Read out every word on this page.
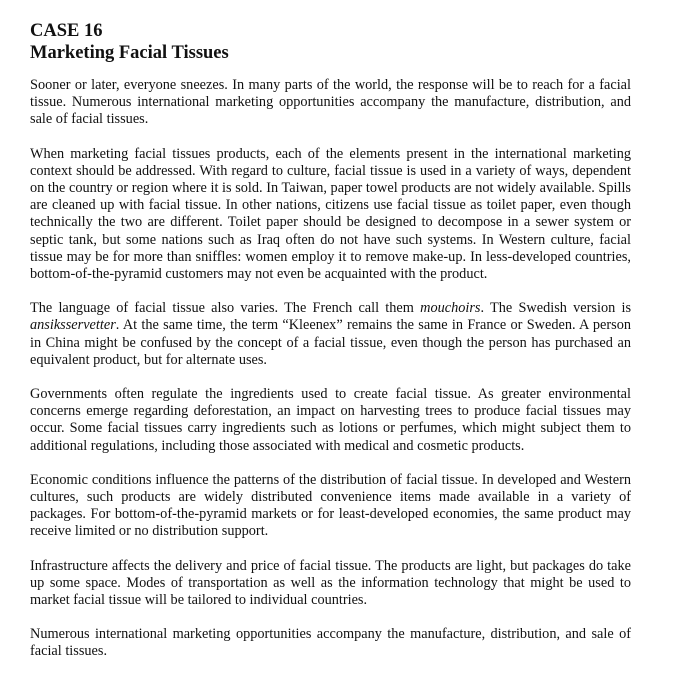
CASE 16
Marketing Facial Tissues

Sooner or later, everyone sneezes. In many parts of the world, the response will be to reach for a facial tissue. Numerous international marketing opportunities accompany the manufacture, distribution, and sale of facial tissues.

When marketing facial tissues products, each of the elements present in the international marketing context should be addressed. With regard to culture, facial tissue is used in a variety of ways, dependent on the country or region where it is sold. In Taiwan, paper towel products are not widely available. Spills are cleaned up with facial tissue. In other nations, citizens use facial tissue as toilet paper, even though technically the two are different. Toilet paper should be designed to decompose in a sewer system or septic tank, but some nations such as Iraq often do not have such systems. In Western culture, facial tissue may be for more than sniffles: women employ it to remove make-up. In less-developed countries, bottom-of-the-pyramid customers may not even be acquainted with the product.

The language of facial tissue also varies. The French call them mouchoirs. The Swedish version is ansiksservetter. At the same time, the term “Kleenex” remains the same in France or Sweden. A person in China might be confused by the concept of a facial tissue, even though the person has purchased an equivalent product, but for alternate uses.

Governments often regulate the ingredients used to create facial tissue. As greater environmental concerns emerge regarding deforestation, an impact on harvesting trees to produce facial tissues may occur. Some facial tissues carry ingredients such as lotions or perfumes, which might subject them to additional regulations, including those associated with medical and cosmetic products.

Economic conditions influence the patterns of the distribution of facial tissue. In developed and Western cultures, such products are widely distributed convenience items made available in a variety of packages. For bottom-of-the-pyramid markets or for least-developed economies, the same product may receive limited or no distribution support.

Infrastructure affects the delivery and price of facial tissue. The products are light, but packages do take up some space. Modes of transportation as well as the information technology that might be used to market facial tissue will be tailored to individual countries.

Numerous international marketing opportunities accompany the manufacture, distribution, and sale of facial tissues.
